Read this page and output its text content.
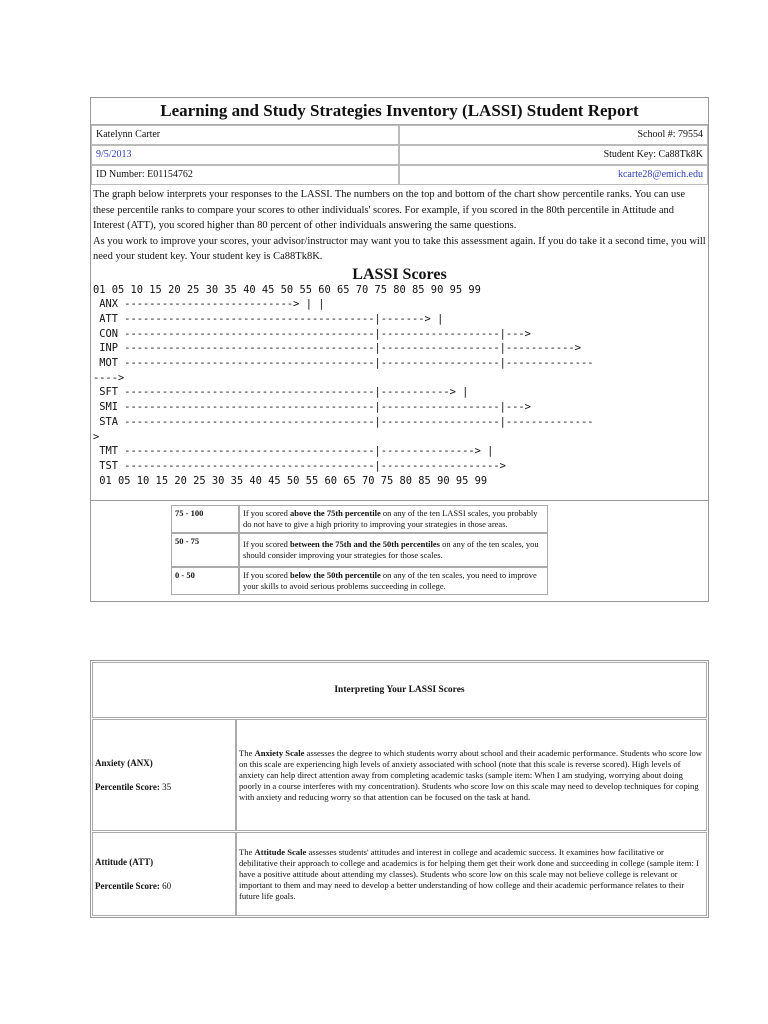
Learning and Study Strategies Inventory (LASSI) Student Report
Katelynn Carter	School #: 79554
9/5/2013	Student Key: Ca88Tk8K
ID Number: E01154762	kcarte28@emich.edu
The graph below interprets your responses to the LASSI. The numbers on the top and bottom of the chart show percentile ranks. You can use these percentile ranks to compare your scores to other individuals' scores. For example, if you scored in the 80th percentile in Attitude and Interest (ATT), you scored higher than 80 percent of other individuals answering the same questions.
As you work to improve your scores, your advisor/instructor may want you to take this assessment again. If you do take it a second time, you will need your student key. Your student key is Ca88Tk8K.
LASSI Scores
01 05 10 15 20 25 30 35 40 45 50 55 60 65 70 75 80 85 90 95 99
ANX ---------------------------> | |
ATT ----------------------------------------|-------> |
CON ----------------------------------------|-------------------|--->
INP ----------------------------------------|-------------------|----------->
MOT ----------------------------------------|-------------------|--------------
---->
SFT ----------------------------------------|-----------> |
SMI ----------------------------------------|-------------------|--->
STA ----------------------------------------|-------------------|--------------
>
TMT ----------------------------------------|---------------> |
TST ----------------------------------------|------------------->
01 05 10 15 20 25 30 35 40 45 50 55 60 65 70 75 80 85 90 95 99
75 - 100	If you scored above the 75th percentile on any of the ten LASSI scales, you probably do not have to give a high priority to improving your strategies in those areas.
50 - 75	If you scored between the 75th and the 50th percentiles on any of the ten scales, you should consider improving your strategies for those scales.
0 - 50	If you scored below the 50th percentile on any of the ten scales, you need to improve your skills to avoid serious problems succeeding in college.
Interpreting Your LASSI Scores
Anxiety (ANX)
Percentile Score: 35
The Anxiety Scale assesses the degree to which students worry about school and their academic performance. Students who score low on this scale are experiencing high levels of anxiety associated with school (note that this scale is reverse scored). High levels of anxiety can help direct attention away from completing academic tasks (sample item: When I am studying, worrying about doing poorly in a course interferes with my concentration). Students who score low on this scale may need to develop techniques for coping with anxiety and reducing worry so that attention can be focused on the task at hand.
Attitude (ATT)
Percentile Score: 60
The Attitude Scale assesses students' attitudes and interest in college and academic success. It examines how facilitative or debilitative their approach to college and academics is for helping them get their work done and succeeding in college (sample item: I have a positive attitude about attending my classes). Students who score low on this scale may not believe college is relevant or important to them and may need to develop a better understanding of how college and their academic performance relates to their future life goals.
